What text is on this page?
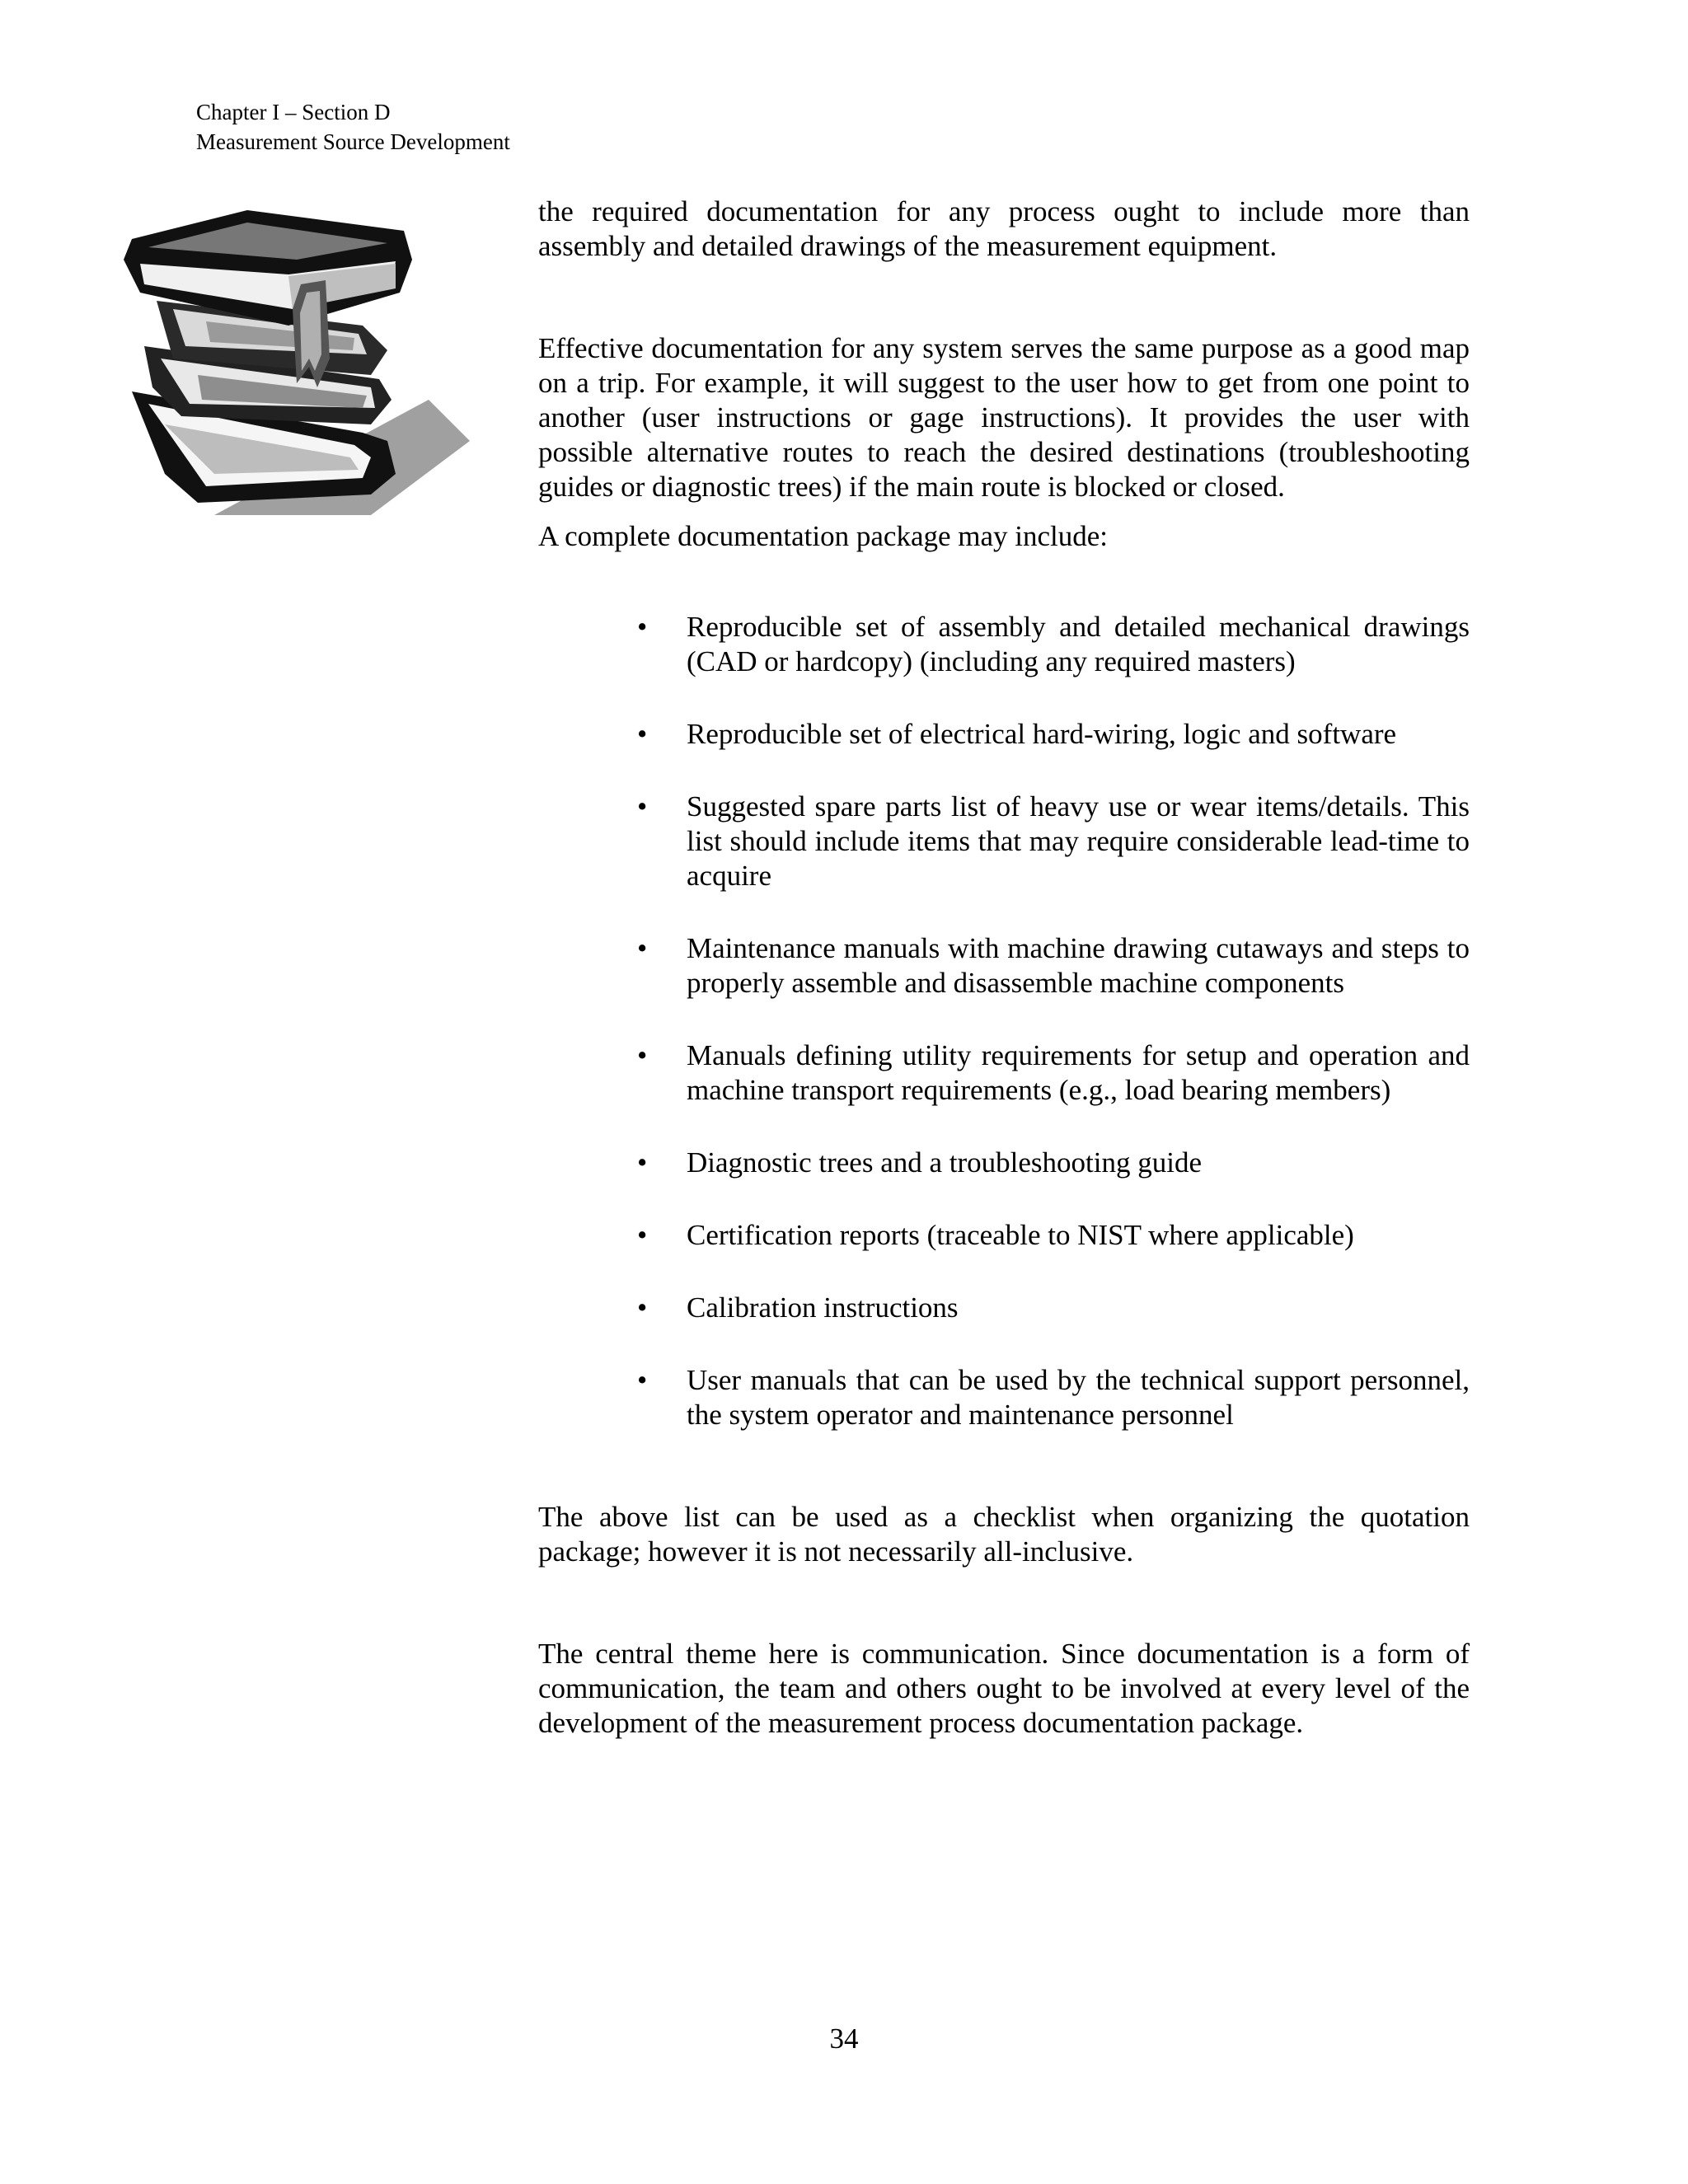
Chapter I – Section D
Measurement Source Development

the required documentation for any process ought to include more than assembly and detailed drawings of the measurement equipment.

Effective documentation for any system serves the same purpose as a good map on a trip. For example, it will suggest to the user how to get from one point to another (user instructions or gage instructions). It provides the user with possible alternative routes to reach the desired destinations (troubleshooting guides or diagnostic trees) if the main route is blocked or closed.

A complete documentation package may include:

• Reproducible set of assembly and detailed mechanical drawings (CAD or hardcopy) (including any required masters)
• Reproducible set of electrical hard-wiring, logic and software
• Suggested spare parts list of heavy use or wear items/details. This list should include items that may require considerable lead-time to acquire
• Maintenance manuals with machine drawing cutaways and steps to properly assemble and disassemble machine components
• Manuals defining utility requirements for setup and operation and machine transport requirements (e.g., load bearing members)
• Diagnostic trees and a troubleshooting guide
• Certification reports (traceable to NIST where applicable)
• Calibration instructions
• User manuals that can be used by the technical support personnel, the system operator and maintenance personnel

The above list can be used as a checklist when organizing the quotation package; however it is not necessarily all-inclusive.

The central theme here is communication. Since documentation is a form of communication, the team and others ought to be involved at every level of the development of the measurement process documentation package.

34
